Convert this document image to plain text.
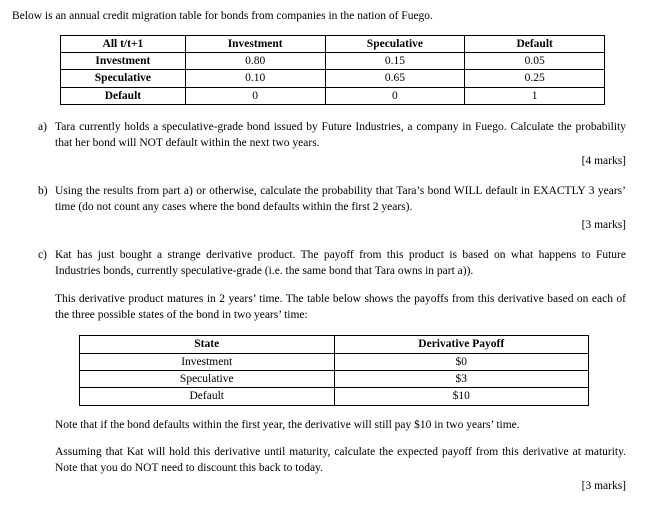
Below is an annual credit migration table for bonds from companies in the nation of Fuego.
All t/t+1	Investment	Speculative	Default
Investment	0.80	0.15	0.05
Speculative	0.10	0.65	0.25
Default	0	0	1
a) Tara currently holds a speculative-grade bond issued by Future Industries, a company in Fuego. Calculate the probability that her bond will NOT default within the next two years.
[4 marks]
b) Using the results from part a) or otherwise, calculate the probability that Tara’s bond WILL default in EXACTLY 3 years’ time (do not count any cases where the bond defaults within the first 2 years).
[3 marks]
c) Kat has just bought a strange derivative product. The payoff from this product is based on what happens to Future Industries bonds, currently speculative-grade (i.e. the same bond that Tara owns in part a)).
This derivative product matures in 2 years’ time. The table below shows the payoffs from this derivative based on each of the three possible states of the bond in two years’ time:
State	Derivative Payoff
Investment	$0
Speculative	$3
Default	$10
Note that if the bond defaults within the first year, the derivative will still pay $10 in two years’ time.
Assuming that Kat will hold this derivative until maturity, calculate the expected payoff from this derivative at maturity. Note that you do NOT need to discount this back to today.
[3 marks]
